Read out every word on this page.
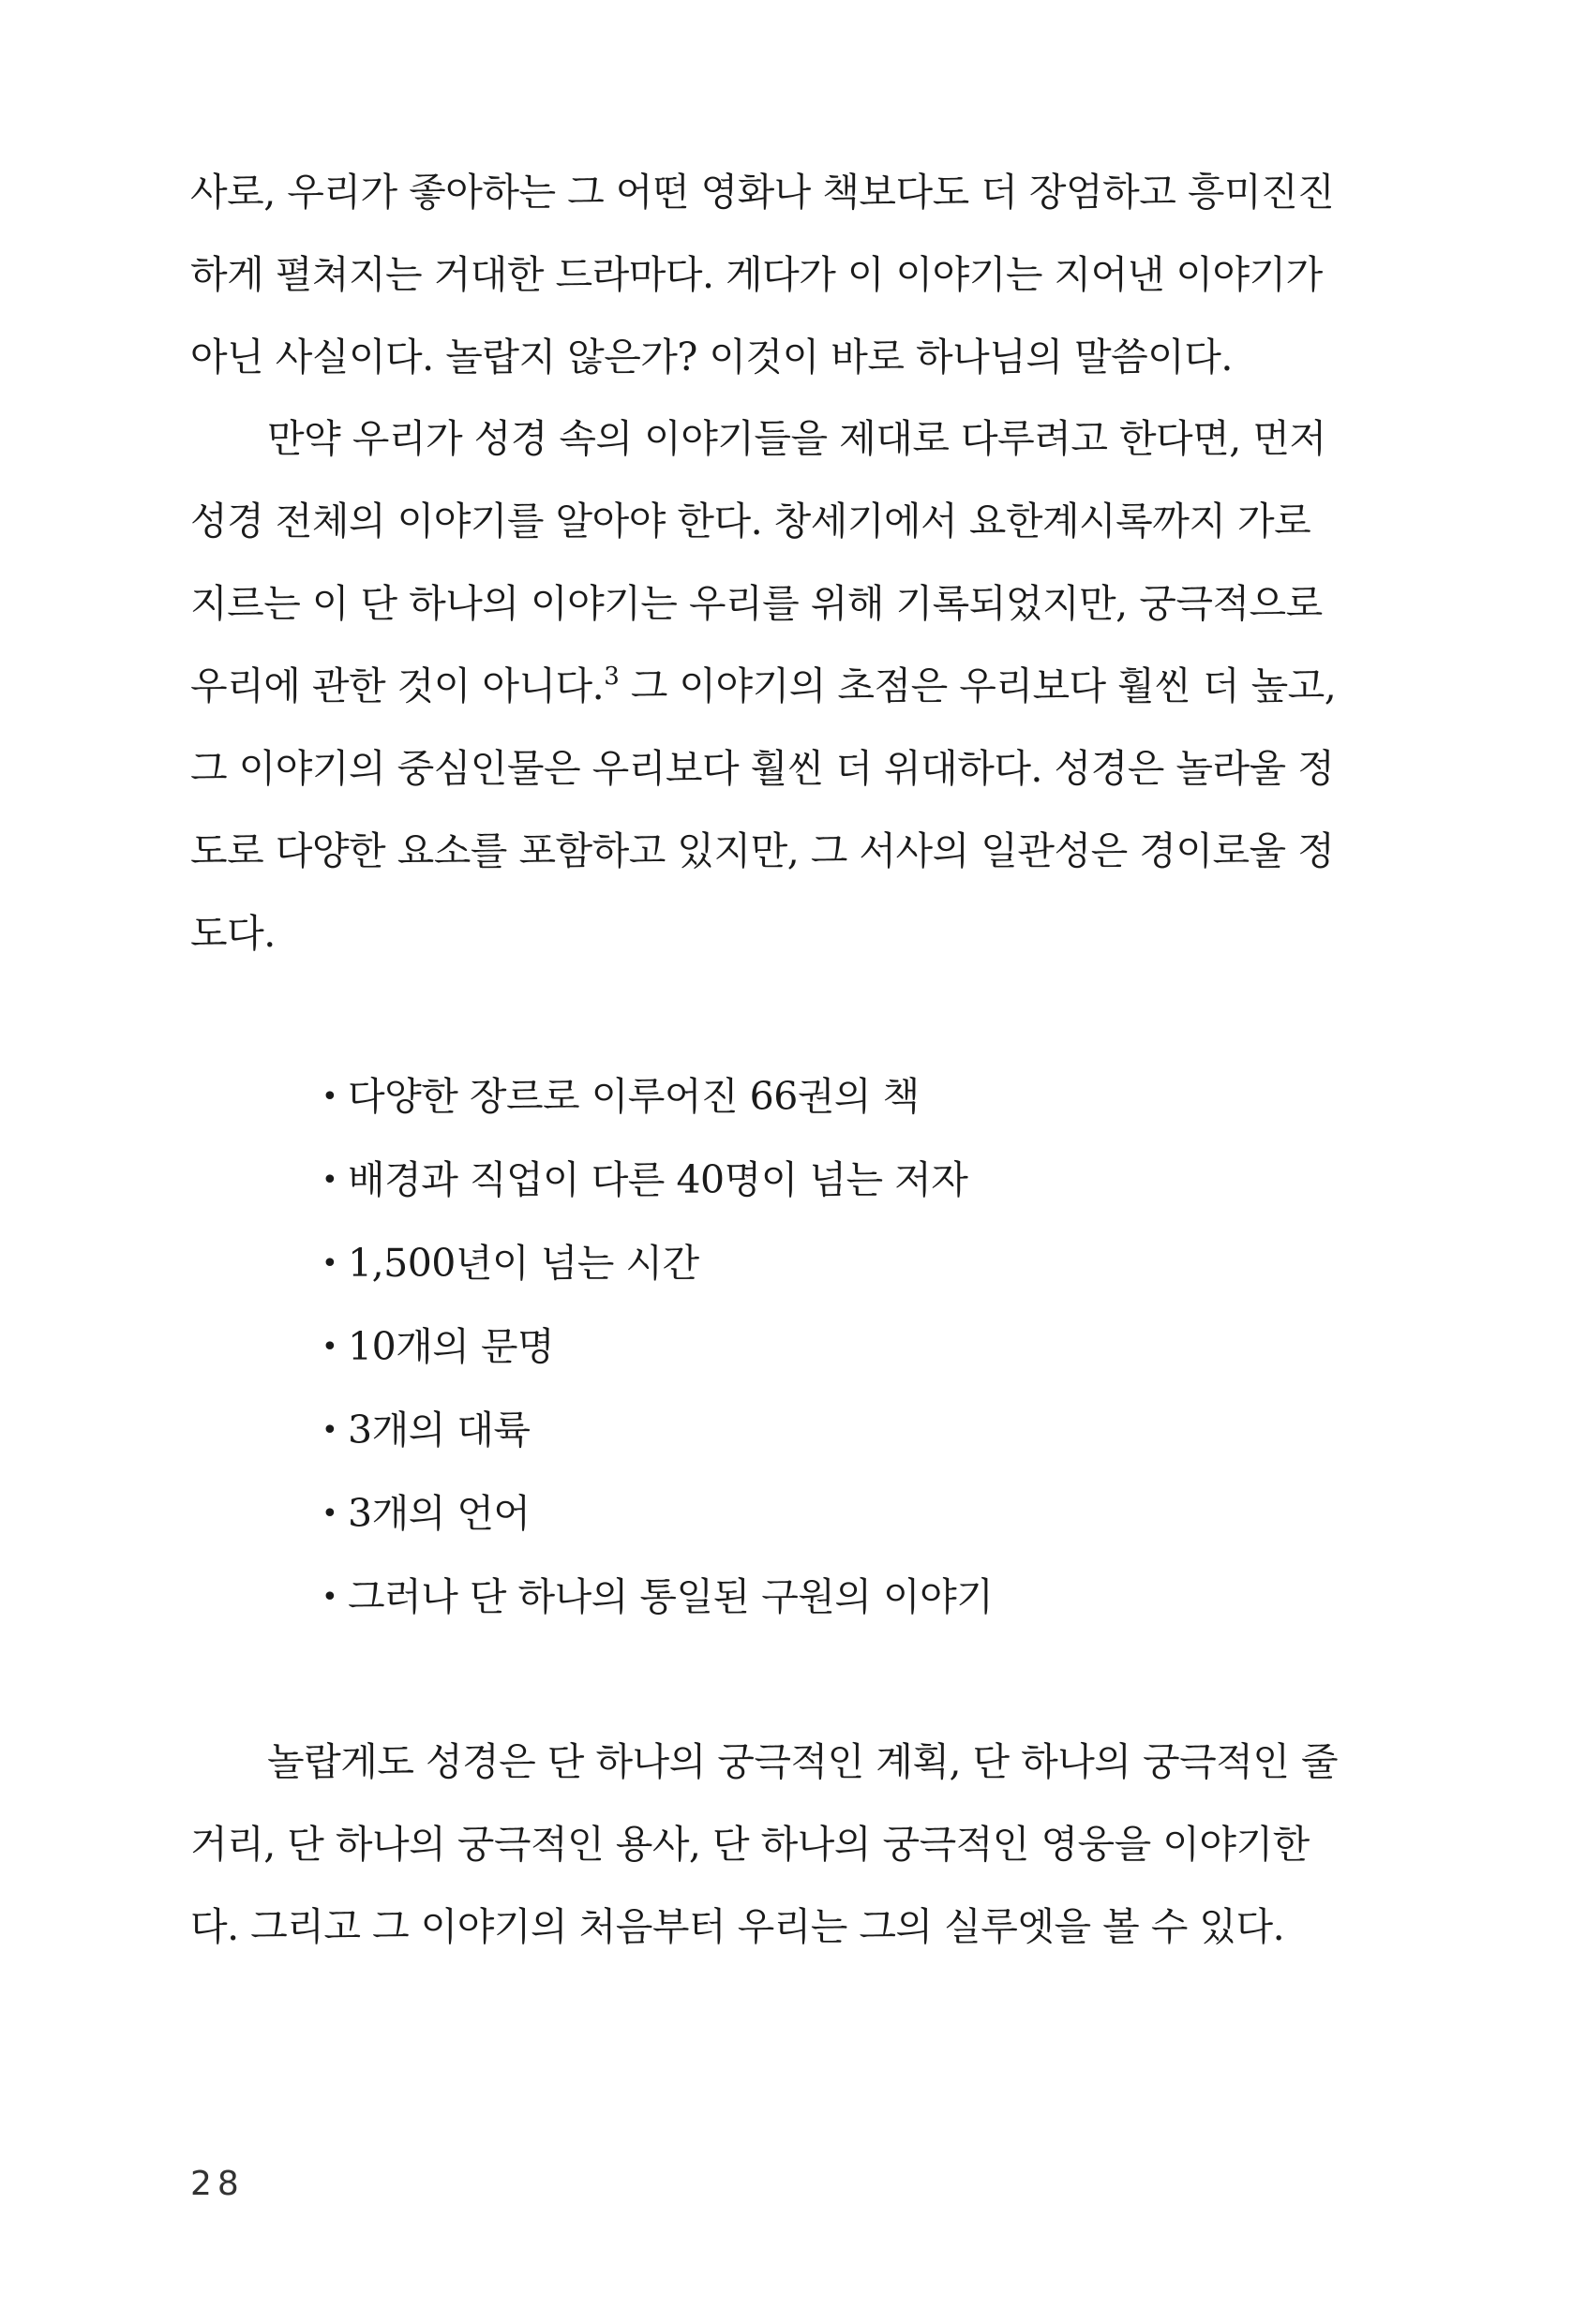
사로, 우리가 좋아하는 그 어떤 영화나 책보다도 더 장엄하고 흥미진진
하게 펼쳐지는 거대한 드라마다. 게다가 이 이야기는 지어낸 이야기가
아닌 사실이다. 놀랍지 않은가? 이것이 바로 하나님의 말씀이다.
만약 우리가 성경 속의 이야기들을 제대로 다루려고 한다면, 먼저
성경 전체의 이야기를 알아야 한다. 창세기에서 요한계시록까지 가로
지르는 이 단 하나의 이야기는 우리를 위해 기록되었지만, 궁극적으로
우리에 관한 것이 아니다.$^3$ 그 이야기의 초점은 우리보다 훨씬 더 높고,
그 이야기의 중심인물은 우리보다 훨씬 더 위대하다. 성경은 놀라울 정
도로 다양한 요소를 포함하고 있지만, 그 서사의 일관성은 경이로울 정
도다.
• 다양한 장르로 이루어진 66권의 책
• 배경과 직업이 다른 40명이 넘는 저자
• 1,500년이 넘는 시간
• 10개의 문명
• 3개의 대륙
• 3개의 언어
• 그러나 단 하나의 통일된 구원의 이야기
놀랍게도 성경은 단 하나의 궁극적인 계획, 단 하나의 궁극적인 줄
거리, 단 하나의 궁극적인 용사, 단 하나의 궁극적인 영웅을 이야기한
다. 그리고 그 이야기의 처음부터 우리는 그의 실루엣을 볼 수 있다.
28
